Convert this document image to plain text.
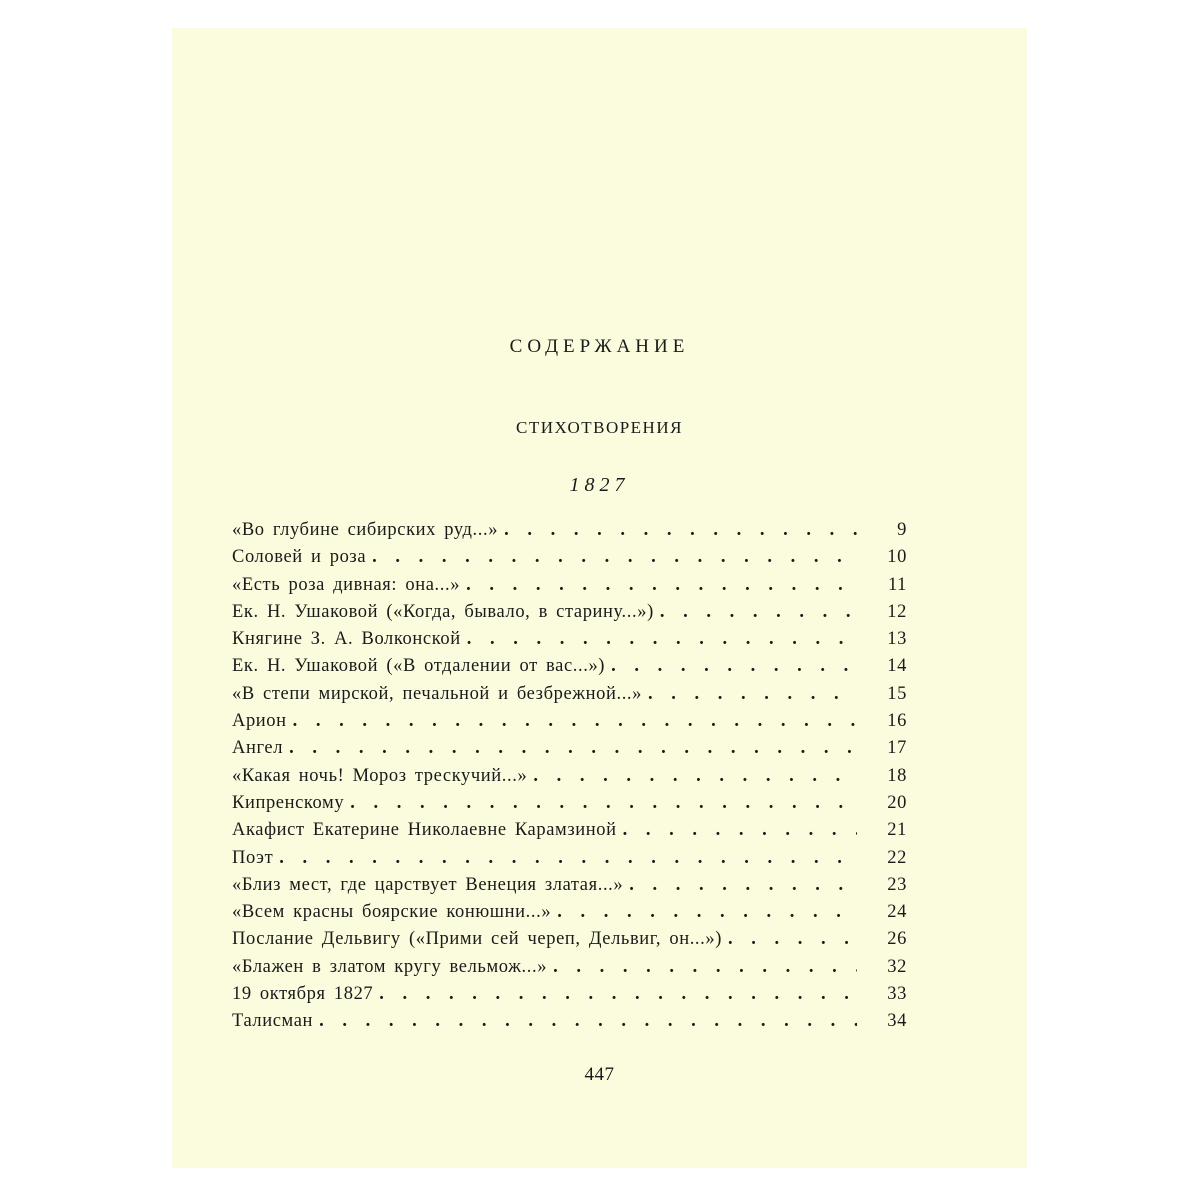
СОДЕРЖАНИЕ
СТИХОТВОРЕНИЯ
1827
«Во глубине сибирских руд...» . . .	9
Соловей и роза . . .	10
«Есть роза дивная: она...» . . .	11
Ек. Н. Ушаковой («Когда, бывало, в старину...») . . .	12
Княгине З. А. Волконской . . .	13
Ек. Н. Ушаковой («В отдалении от вас...») . . .	14
«В степи мирской, печальной и безбрежной...» . . .	15
Арион . . .	16
Ангел . . .	17
«Какая ночь! Мороз трескучий...» . . .	18
Кипренскому . . .	20
Акафист Екатерине Николаевне Карамзиной . . .	21
Поэт . . .	22
«Близ мест, где царствует Венеция златая...» . . .	23
«Всем красны боярские конюшни...» . . .	24
Послание Дельвигу («Прими сей череп, Дельвиг, он...») . . .	26
«Блажен в златом кругу вельмож...» . . .	32
19 октября 1827 . . .	33
Талисман . . .	34
447
